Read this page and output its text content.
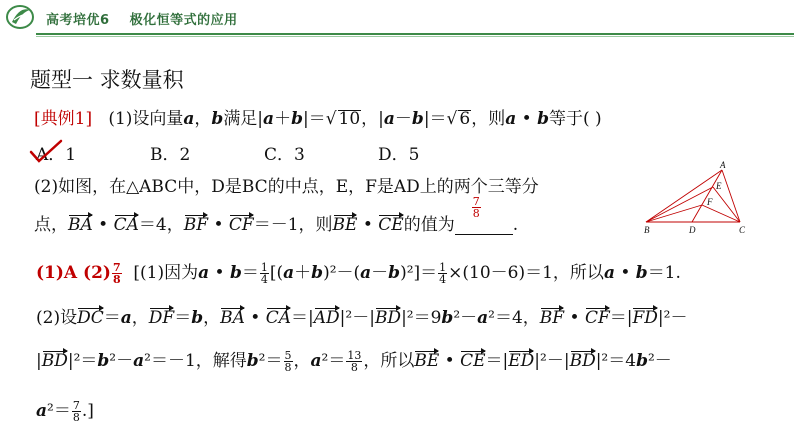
高考培优6    极化恒等式的应用
题型一 求数量积
[典例1] (1)设向量a，b满足|a＋b|＝√ 10，|a－b|＝√ 6，则a • b等于( )
A．1	B．2	C．3	D．5
(2)如图，在△ABC中，D是BC的中点，E，F是AD上的两个三等分
点，BA • CA＝4，BF • CF＝－1，则BE • CE的值为
$\frac{7}{8}$
.
A
B	C
D
E
F
(1)A $(2) \frac{7}{8} [(1)$因为a • $b= \frac{1}{4} [(a+b)^2-(a-b)^2]= \frac{1}{4} \times(10-6)=1$，所以a • b＝1.
(2)设DC＝a，DF＝b，BA • CA＝|AD|²－|BD|²＝9b²－a²＝4，BF • CF＝|FD|²－
|BD|²＝b²－a²＝－1，解得$b^2= \frac{5}{8}$ ，$a^2= \frac{13}{8}$ ，所以BE • CE＝|ED|²－|BD|²＝4b²－
$a^2= \frac{7}{8}$ .]
